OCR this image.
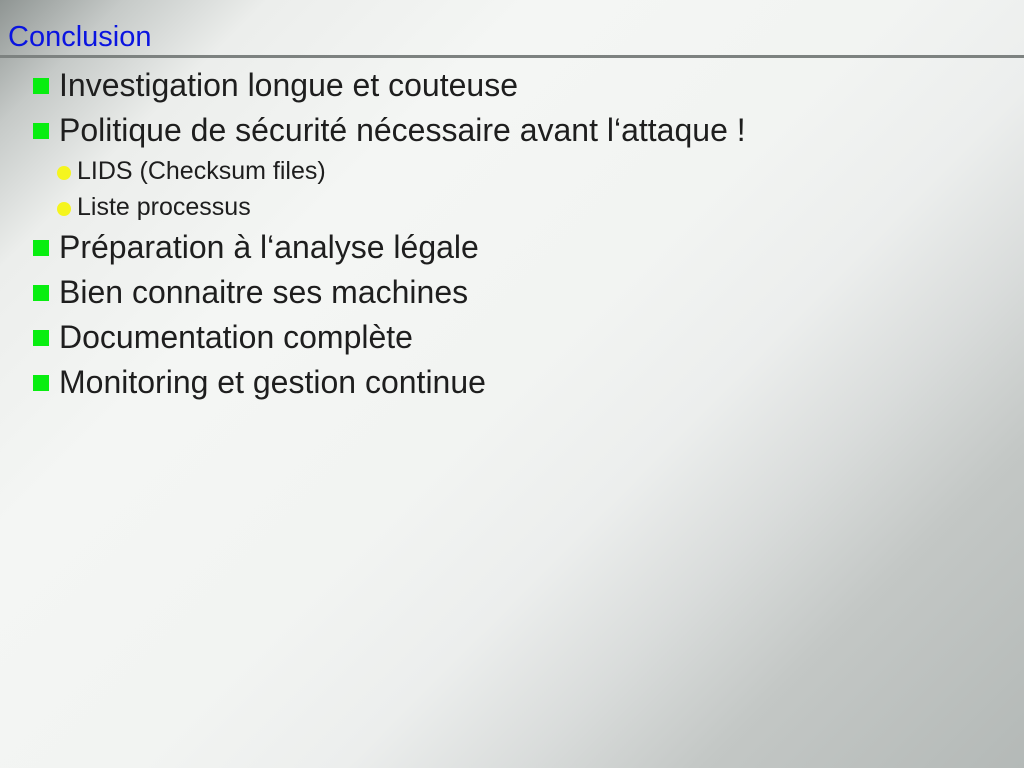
Conclusion
Investigation longue et couteuse
Politique de sécurité nécessaire avant l‘attaque !
LIDS (Checksum files)
Liste processus
Préparation à l‘analyse légale
Bien connaitre ses machines
Documentation complète
Monitoring et gestion continue
